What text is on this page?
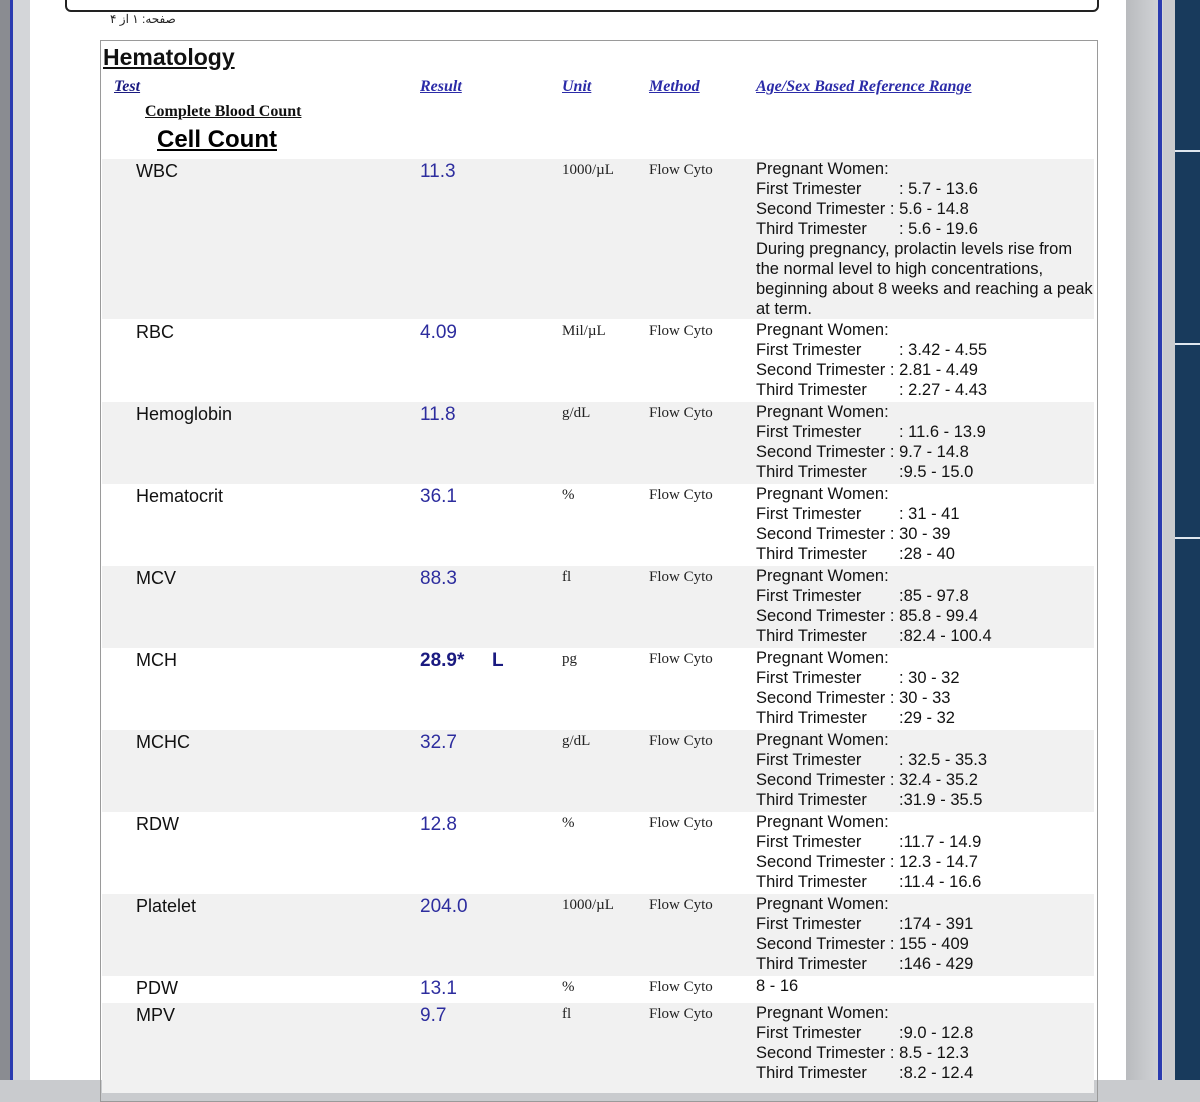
صفحه: ۱ از ۴
Hematology
Test	Result	Unit	Method	Age/Sex Based Reference Range
Complete Blood Count
Cell Count
WBC	11.3	1000/µL Flow Cyto	Pregnant Women:
First Trimester : 5.7 - 13.6
Second Trimester : 5.6 - 14.8
Third Trimester : 5.6 - 19.6
During pregnancy, prolactin levels rise from the normal level to high concentrations, beginning about 8 weeks and reaching a peak at term.
RBC	4.09	Mil/µL	Flow Cyto	Pregnant Women:
First Trimester : 3.42 - 4.55
Second Trimester : 2.81 - 4.49
Third Trimester : 2.27 - 4.43
Hemoglobin	11.8	g/dL	Flow Cyto	Pregnant Women:
First Trimester : 11.6 - 13.9
Second Trimester : 9.7 - 14.8
Third Trimester :9.5 - 15.0
Hematocrit	36.1	%	Flow Cyto	Pregnant Women:
First Trimester : 31 - 41
Second Trimester : 30 - 39
Third Trimester :28 - 40
MCV	88.3	fl	Flow Cyto	Pregnant Women:
First Trimester :85 - 97.8
Second Trimester : 85.8 - 99.4
Third Trimester :82.4 - 100.4
MCH	28.9* L	pg	Flow Cyto	Pregnant Women:
First Trimester : 30 - 32
Second Trimester : 30 - 33
Third Trimester :29 - 32
MCHC	32.7	g/dL	Flow Cyto	Pregnant Women:
First Trimester : 32.5 - 35.3
Second Trimester : 32.4 - 35.2
Third Trimester :31.9 - 35.5
RDW	12.8	%	Flow Cyto	Pregnant Women:
First Trimester :11.7 - 14.9
Second Trimester : 12.3 - 14.7
Third Trimester :11.4 - 16.6
Platelet	204.0	1000/µL Flow Cyto	Pregnant Women:
First Trimester :174 - 391
Second Trimester : 155 - 409
Third Trimester :146 - 429
PDW	13.1	%	Flow Cyto	8 - 16
MPV	9.7	fl	Flow Cyto	Pregnant Women:
First Trimester :9.0 - 12.8
Second Trimester : 8.5 - 12.3
Third Trimester :8.2 - 12.4
